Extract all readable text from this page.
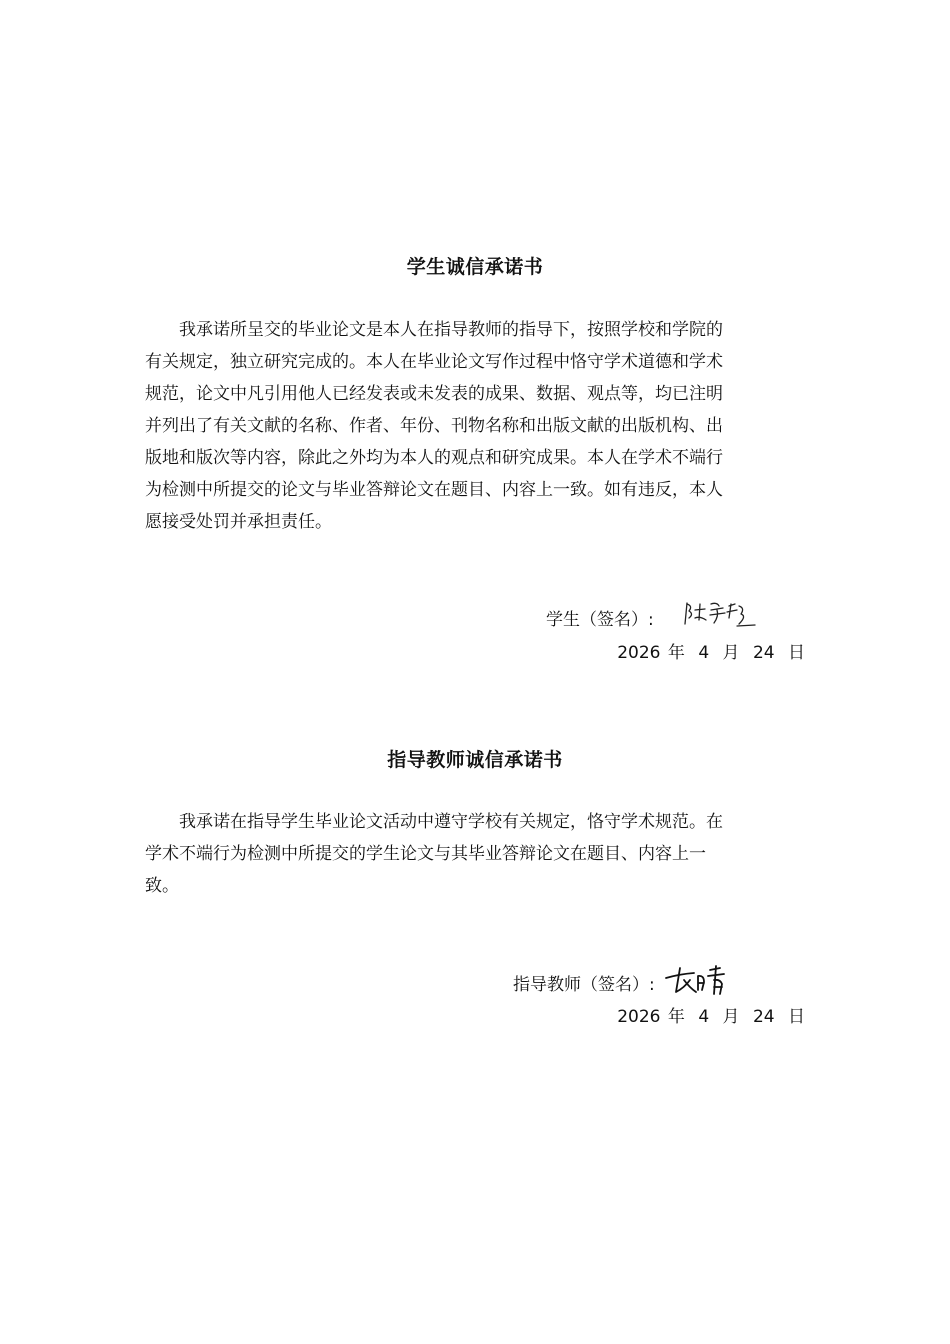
学生诚信承诺书
　　我承诺所呈交的毕业论文是本人在指导教师的指导下，按照学校和学院的
有关规定，独立研究完成的。本人在毕业论文写作过程中恪守学术道德和学术
规范，论文中凡引用他人已经发表或未发表的成果、数据、观点等，均已注明
并列出了有关文献的名称、作者、年份、刊物名称和出版文献的出版机构、出
版地和版次等内容，除此之外均为本人的观点和研究成果。本人在学术不端行
为检测中所提交的论文与毕业答辩论文在题目、内容上一致。如有违反，本人
愿接受处罚并承担责任。
学生（签名）:
2026 年 4 月 24 日
指导教师诚信承诺书
　　我承诺在指导学生毕业论文活动中遵守学校有关规定，恪守学术规范。在
学术不端行为检测中所提交的学生论文与其毕业答辩论文在题目、内容上一
致。
指导教师（签名）:
2026 年 4 月 24 日
